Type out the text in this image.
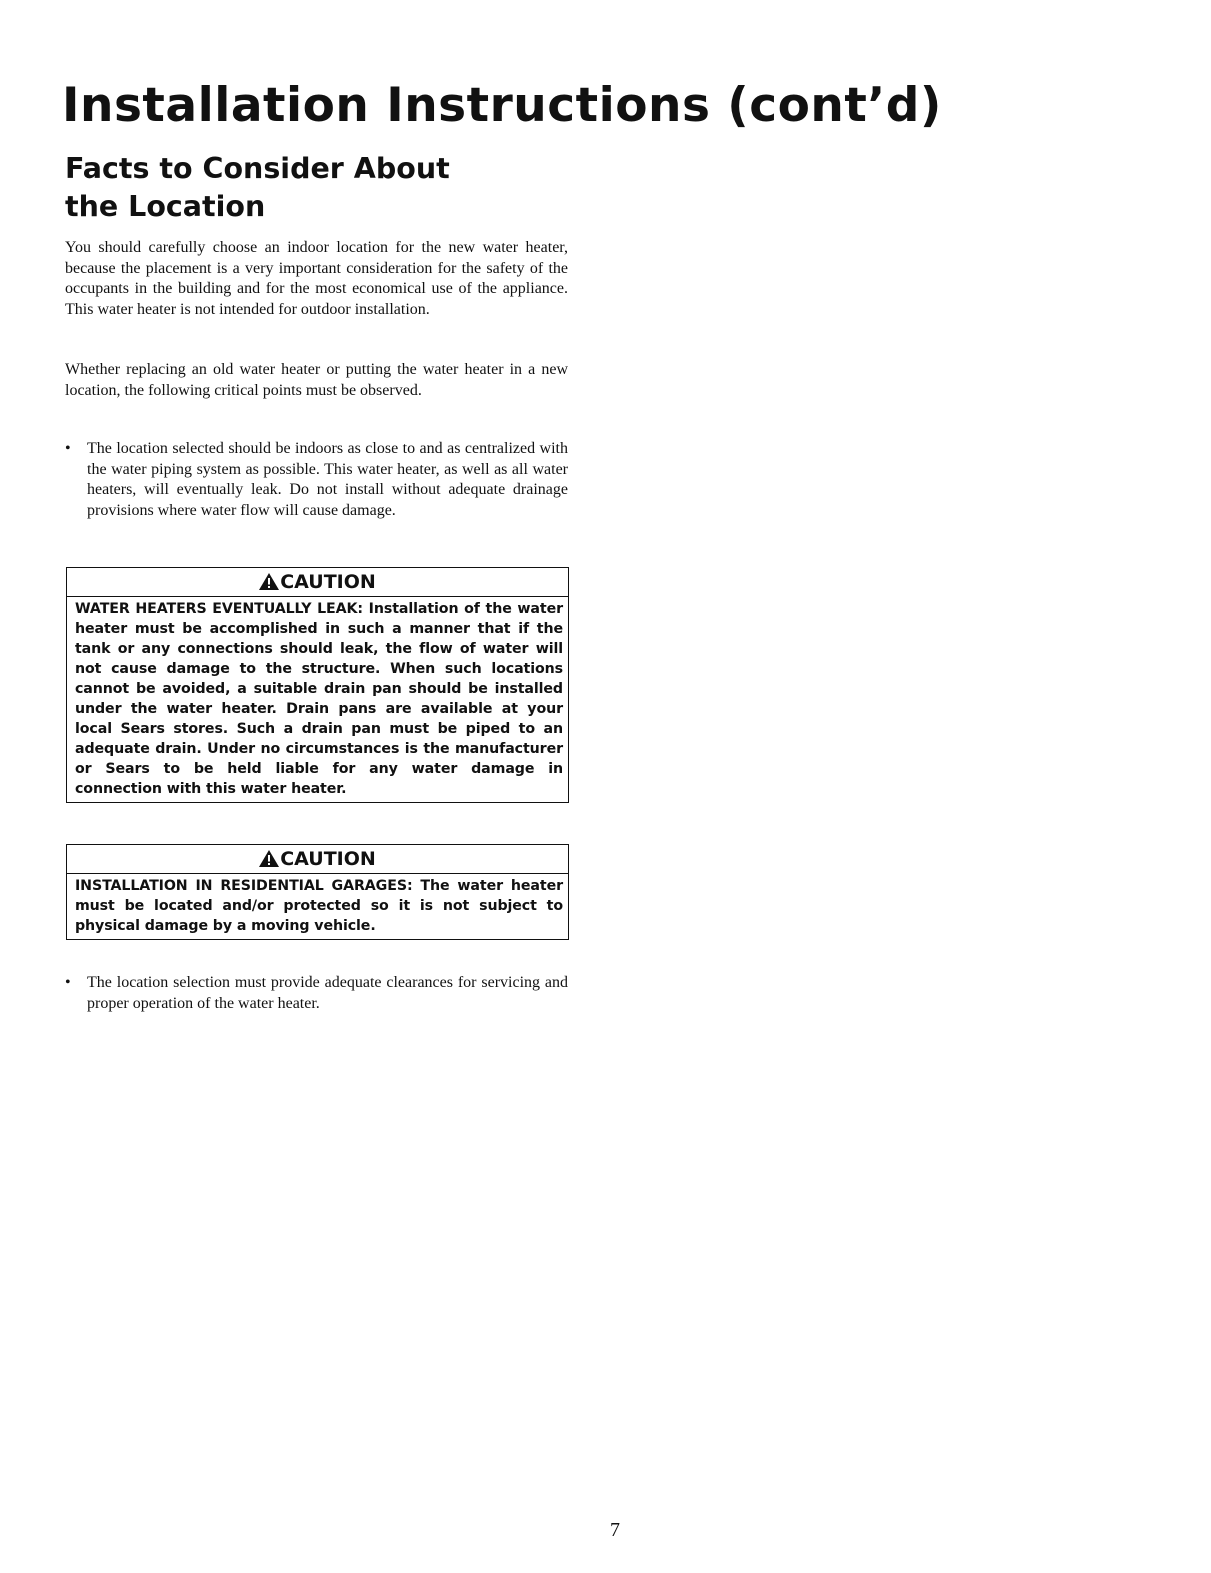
Installation Instructions (cont’d)
Facts to Consider About
the Location

You should carefully choose an indoor location for the new water heater, because the placement is a very important consideration for the safety of the occupants in the building and for the most economical use of the appliance. This water heater is not intended for outdoor installation.

Whether replacing an old water heater or putting the water heater in a new location, the following critical points must be observed.

•	The location selected should be indoors as close to and as centralized with the water piping system as possible. This water heater, as well as all water heaters, will eventually leak. Do not install without adequate drainage provisions where water flow will cause damage.
CAUTION
WATER HEATERS EVENTUALLY LEAK: Installation of the water heater must be accomplished in such a manner that if the tank or any connections should leak, the flow of water will not cause damage to the structure. When such locations cannot be avoided, a suitable drain pan should be installed under the water heater. Drain pans are available at your local Sears stores. Such a drain pan must be piped to an adequate drain. Under no circumstances is the manufacturer or Sears to be held liable for any water damage in connection with this water heater.
CAUTION
INSTALLATION IN RESIDENTIAL GARAGES: The water heater must be located and/or protected so it is not subject to physical damage by a moving vehicle.
•	The location selection must provide adequate clearances for servicing and proper operation of the water heater.
7
